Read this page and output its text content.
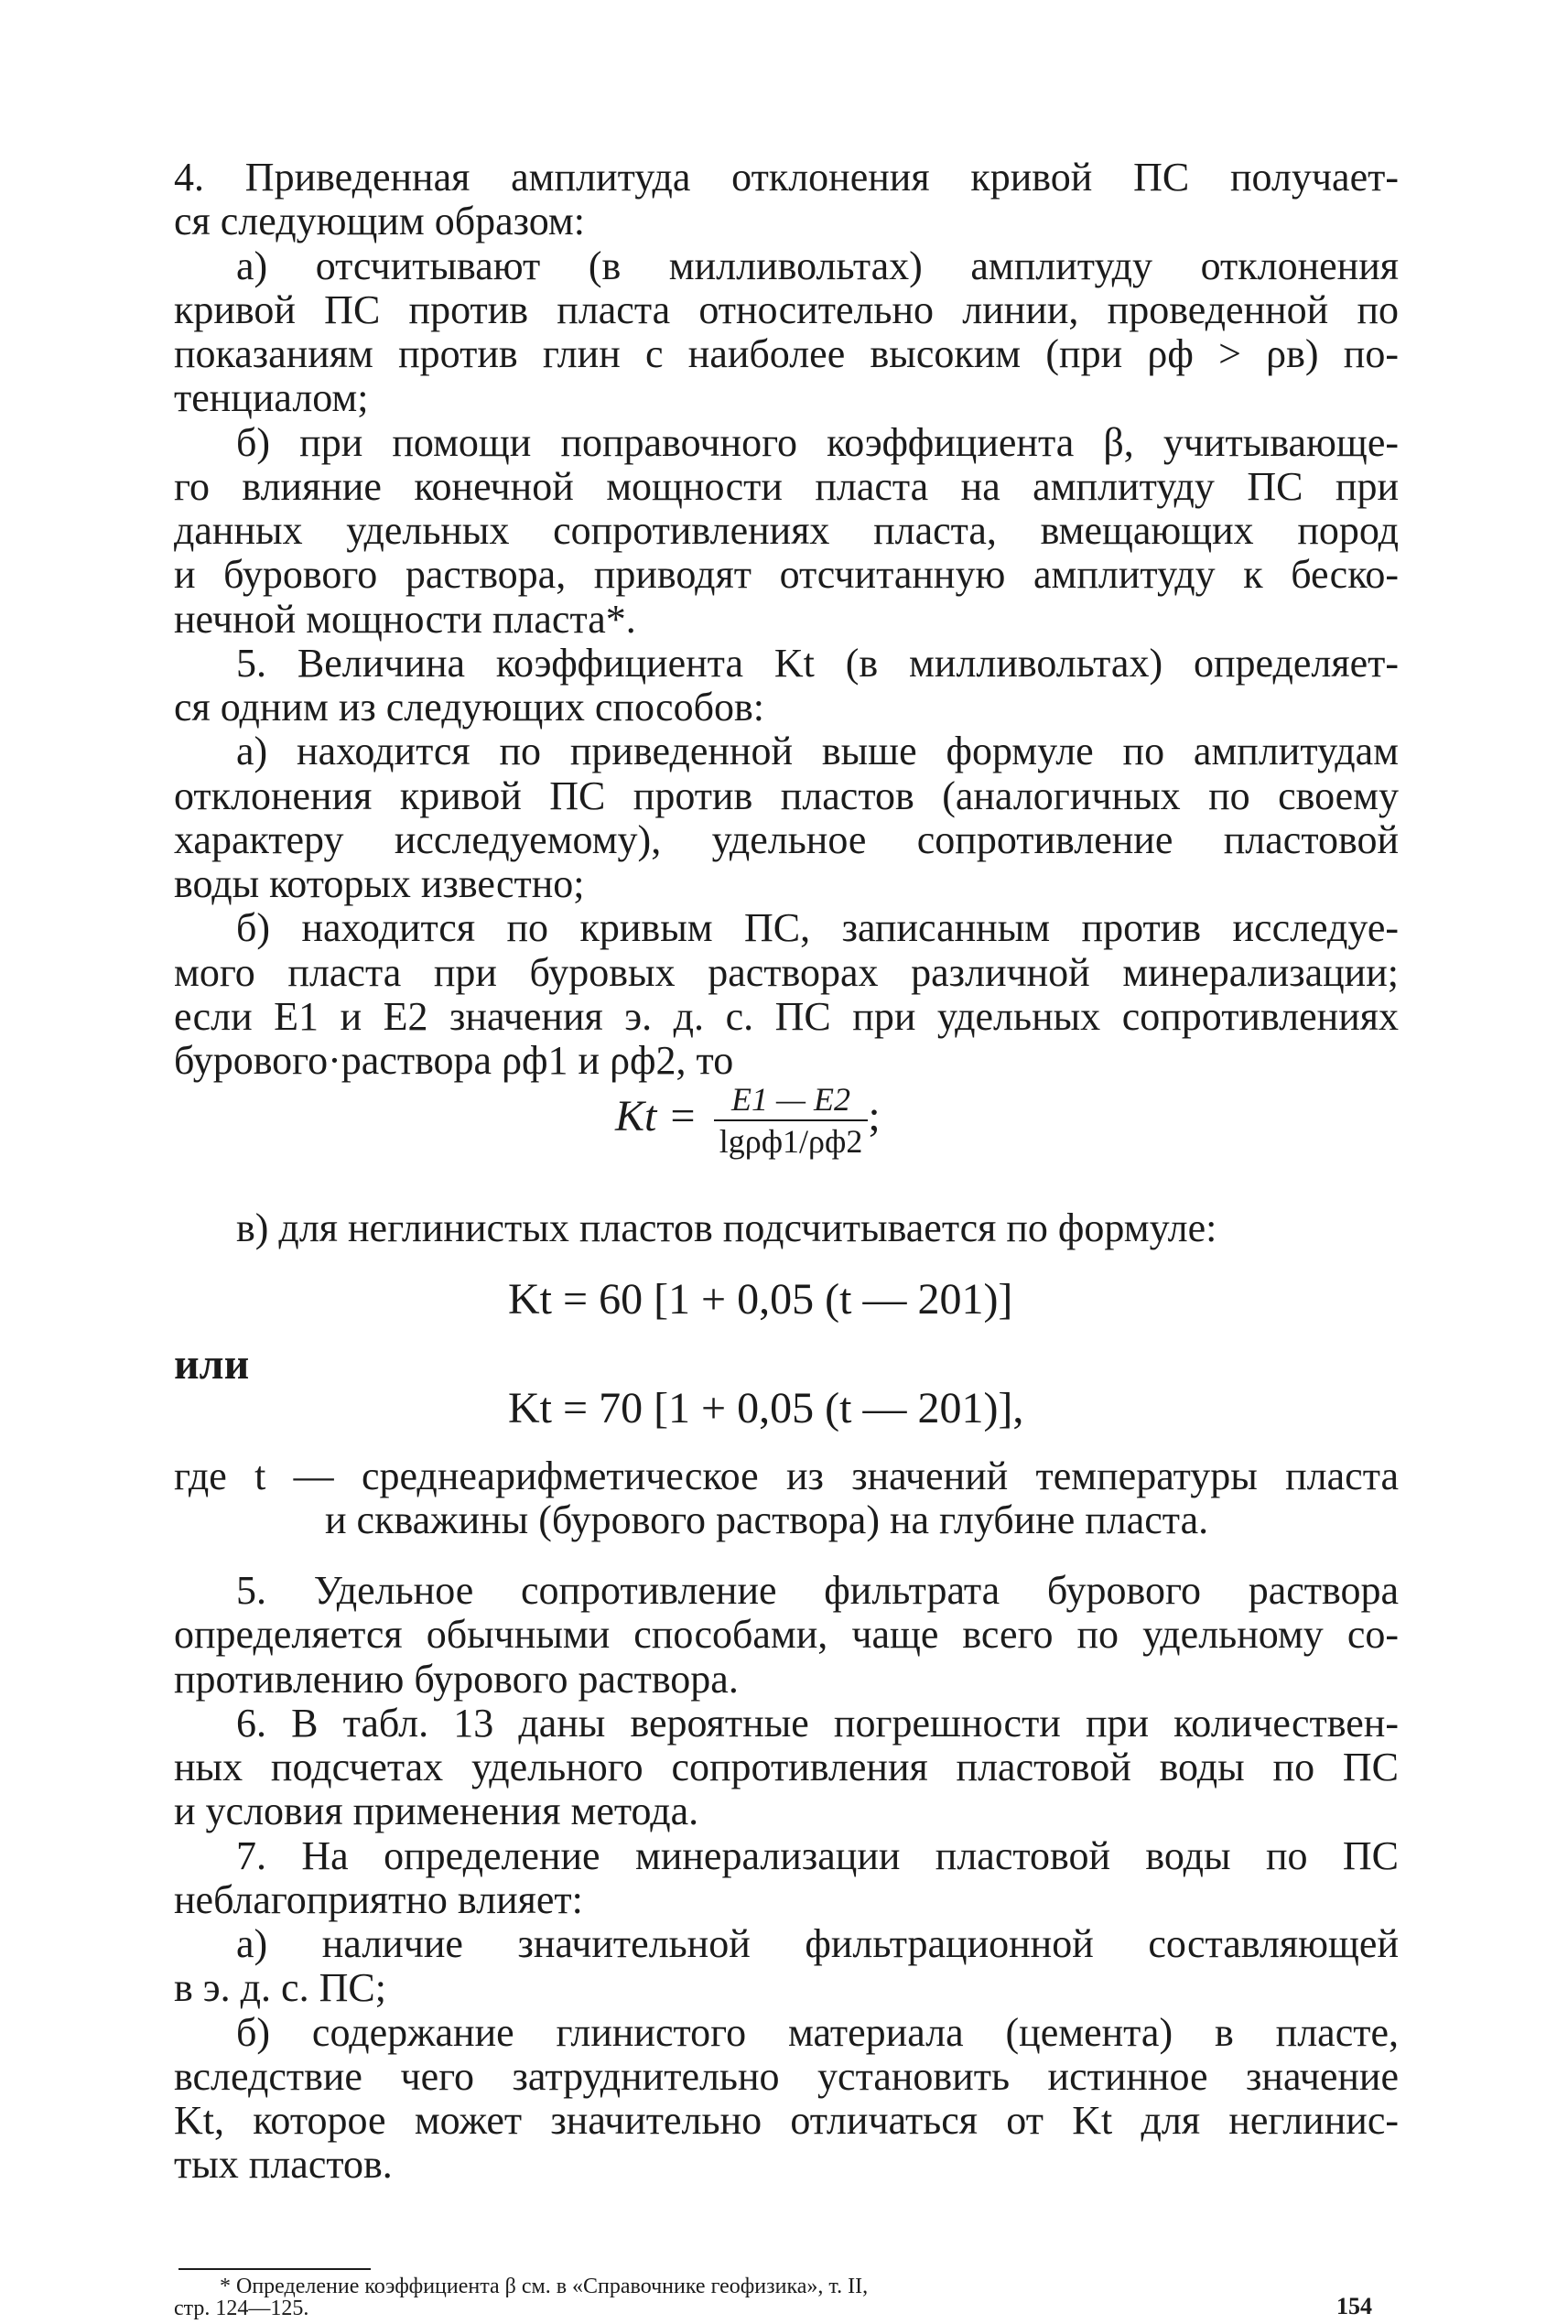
4. Приведенная амплитуда отклонения кривой ПС получает-
ся следующим образом:
а) отсчитывают (в милливольтах) амплитуду отклонения
кривой ПС против пласта относительно линии, проведенной по
показаниям против глин с наиболее высоким (при ρф > ρв) по-
тенциалом;
б) при помощи поправочного коэффициента β, учитывающе-
го влияние конечной мощности пласта на амплитуду ПС при
данных удельных сопротивлениях пласта, вмещающих пород
и бурового раствора, приводят отсчитанную амплитуду к беско-
нечной мощности пласта*.
5. Величина коэффициента Kt (в милливольтах) определяет-
ся одним из следующих способов:
а) находится по приведенной выше формуле по амплитудам
отклонения кривой ПС против пластов (аналогичных по своему
характеру исследуемому), удельное сопротивление пластовой
воды которых известно;
б) находится по кривым ПС, записанным против исследуе-
мого пласта при буровых растворах различной минерализации;
если E1 и E2 значения э. д. с. ПС при удельных сопротивлениях
бурового·раствора ρф1 и ρф2, то
$Kt = \frac{E1 — E2}{\lg\rho ф1/\rho ф2}$ ;
в) для неглинистых пластов подсчитывается по формуле:
Kt = 60 [1 + 0,05 (t — 201)]
или
Kt = 70 [1 + 0,05 (t — 201)],
где t — среднеарифметическое из значений температуры пласта
и скважины (бурового раствора) на глубине пласта.
5. Удельное сопротивление фильтрата бурового раствора
определяется обычными способами, чаще всего по удельному со-
противлению бурового раствора.
6. В табл. 13 даны вероятные погрешности при количествен-
ных подсчетах удельного сопротивления пластовой воды по ПС
и условия применения метода.
7. На определение минерализации пластовой воды по ПС
неблагоприятно влияет:
а) наличие значительной фильтрационной составляющей
в э. д. с. ПС;
б) содержание глинистого материала (цемента) в пласте,
вследствие чего затруднительно установить истинное значение
Kt, которое может значительно отличаться от Kt для неглинис-
тых пластов.
* Определение коэффициента β см. в «Справочнике геофизика», т. II,
стр. 124—125.	154
